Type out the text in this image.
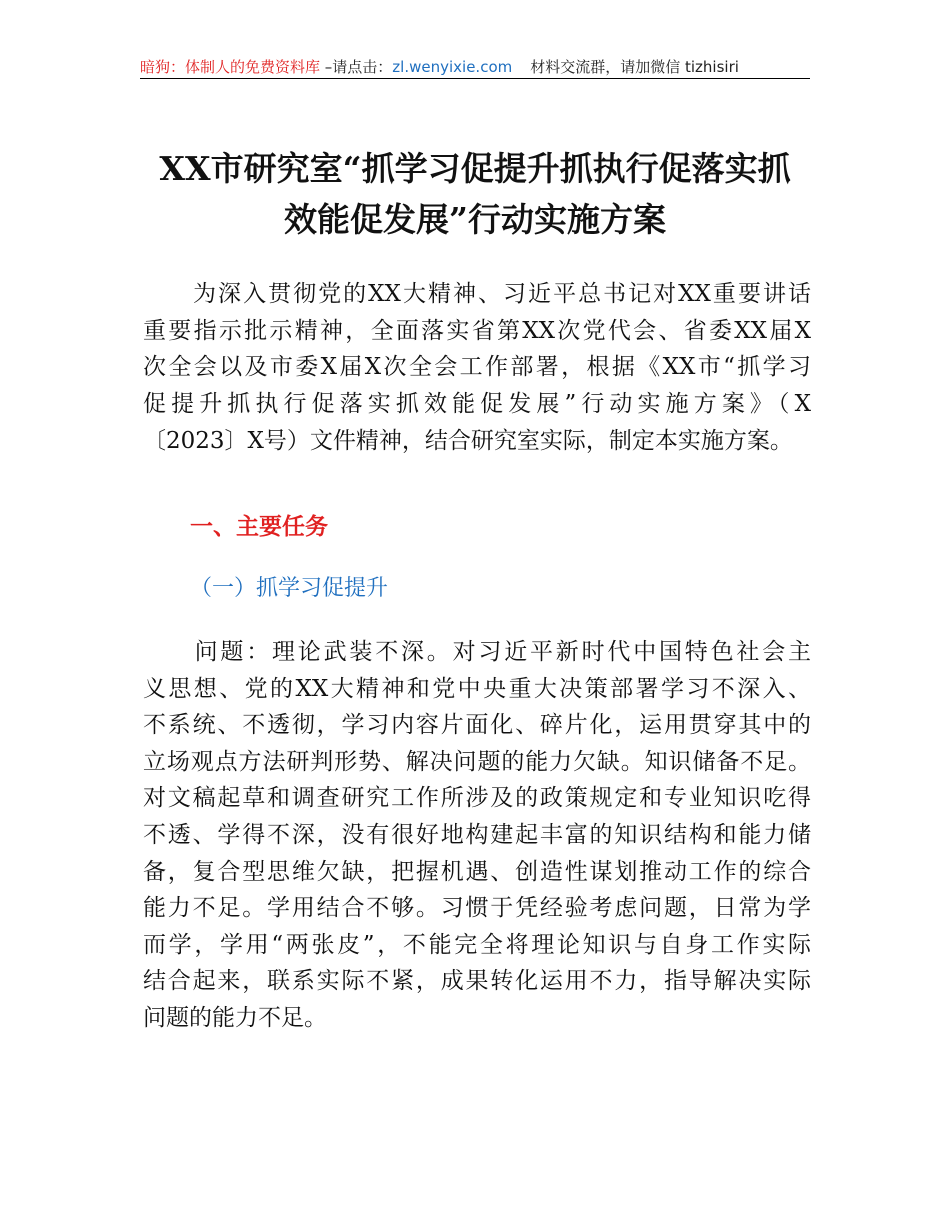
暗狗：体制人的免费资料库 –请点击：zl.wenyixie.com 材料交流群，请加微信 tizhisiri
XX市研究室“抓学习促提升抓执行促落实抓
效能促发展”行动实施方案
　　为深入贯彻党的XX大精神、习近平总书记对XX重要讲话
重要指示批示精神，全面落实省第XX次党代会、省委XX届X
次全会以及市委X届X次全会工作部署，根据《XX市“抓学习
促提升抓执行促落实抓效能促发展”行动实施方案》（X
〔2023〕X号）文件精神，结合研究室实际，制定本实施方案。
一、主要任务
（一）抓学习促提升
　　问题：理论武装不深。对习近平新时代中国特色社会主
义思想、党的XX大精神和党中央重大决策部署学习不深入、
不系统、不透彻，学习内容片面化、碎片化，运用贯穿其中的
立场观点方法研判形势、解决问题的能力欠缺。知识储备不足。
对文稿起草和调查研究工作所涉及的政策规定和专业知识吃得
不透、学得不深，没有很好地构建起丰富的知识结构和能力储
备，复合型思维欠缺，把握机遇、创造性谋划推动工作的综合
能力不足。学用结合不够。习惯于凭经验考虑问题，日常为学
而学，学用“两张皮”，不能完全将理论知识与自身工作实际
结合起来，联系实际不紧，成果转化运用不力，指导解决实际
问题的能力不足。
